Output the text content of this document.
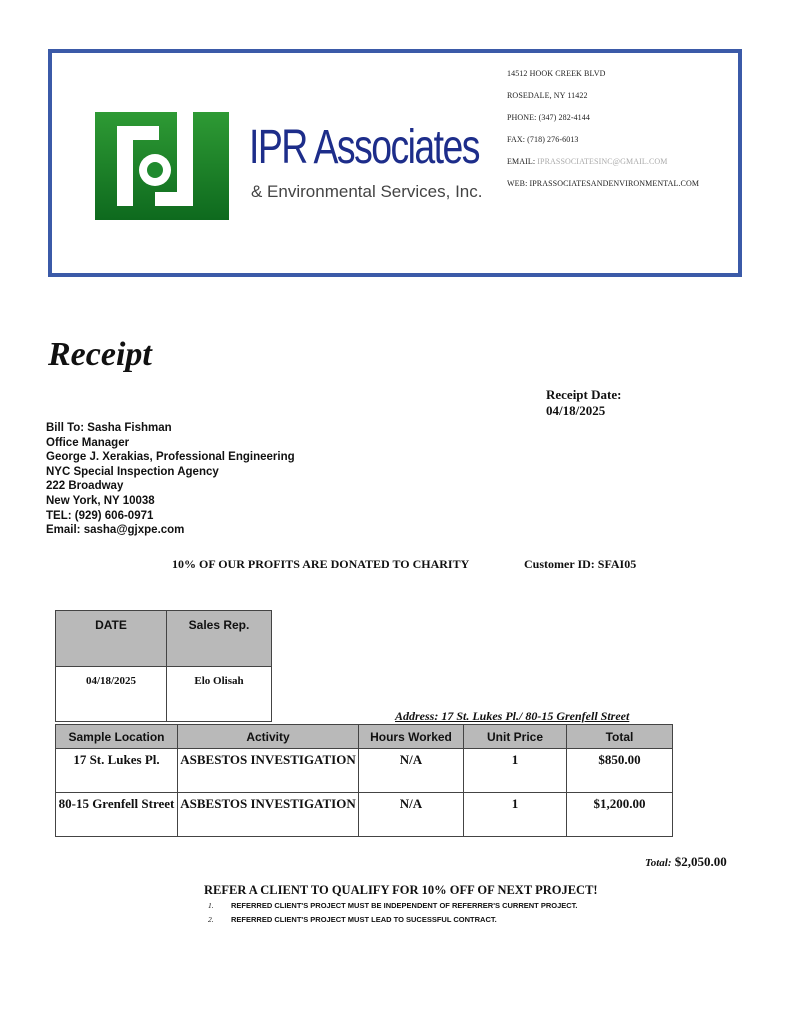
IPR Associates
& Environmental Services, Inc.
14512 HOOK CREEK BLVD
ROSEDALE, NY 11422
PHONE: (347) 282-4144
FAX: (718) 276-6013
EMAIL: IPRASSOCIATESINC@GMAIL.COM
WEB: IPRASSOCIATESANDENVIRONMENTAL.COM
Receipt
Receipt Date:
04/18/2025
Bill To: Sasha Fishman
Office Manager
George J. Xerakias, Professional Engineering
NYC Special Inspection Agency
222 Broadway
New York, NY 10038
TEL: (929) 606-0971
Email: sasha@gjxpe.com
10% OF OUR PROFITS ARE DONATED TO CHARITY	Customer ID: SFAI05
DATE	Sales Rep.
04/18/2025	Elo Olisah
Address: 17 St. Lukes Pl./ 80-15 Grenfell Street
Sample Location	Activity	Hours Worked	Unit Price	Total
17 St. Lukes Pl.	ASBESTOS INVESTIGATION	N/A	1	$850.00
80-15 Grenfell Street	ASBESTOS INVESTIGATION	N/A	1	$1,200.00
Total: $2,050.00
REFER A CLIENT TO QUALIFY FOR 10% OFF OF NEXT PROJECT!
1. REFERRED CLIENT'S PROJECT MUST BE INDEPENDENT OF REFERRER'S CURRENT PROJECT.
2. REFERRED CLIENT'S PROJECT MUST LEAD TO SUCESSFUL CONTRACT.
